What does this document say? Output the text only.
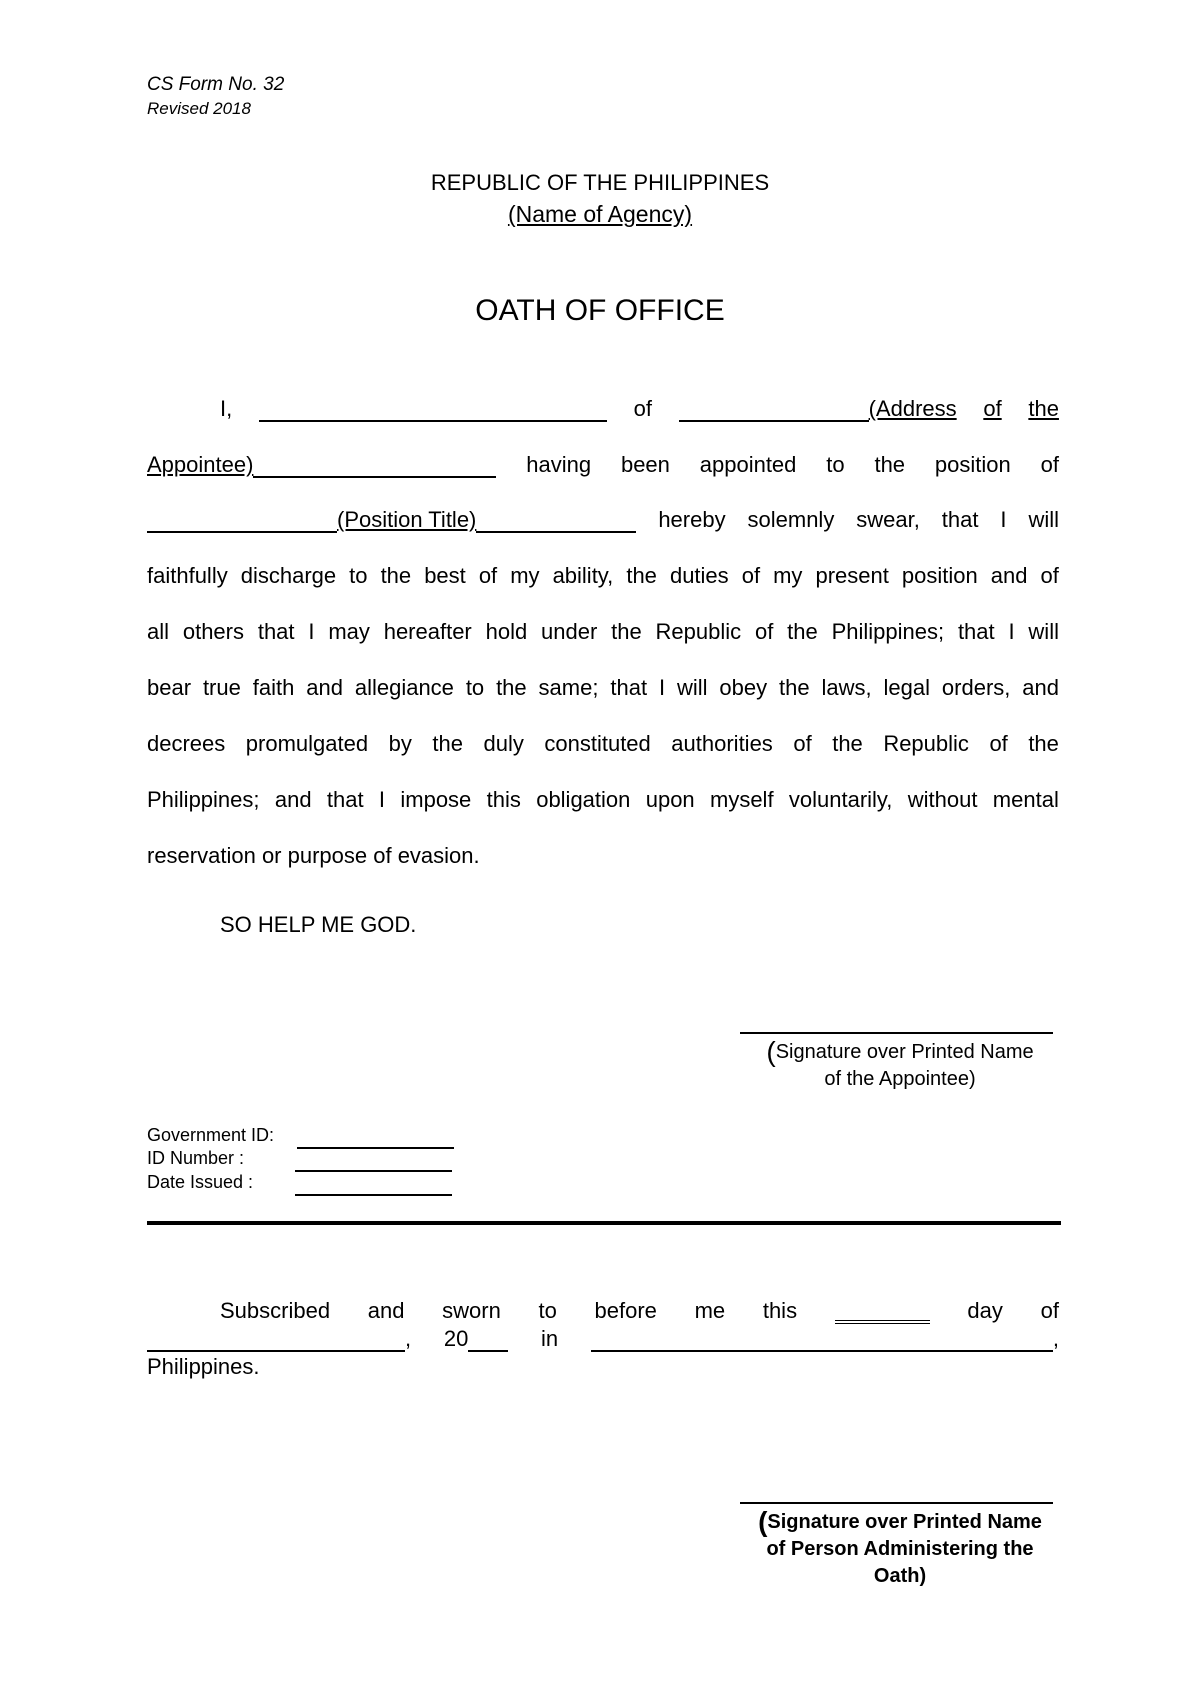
CS Form No. 32
Revised 2018
REPUBLIC OF THE PHILIPPINES
(Name of Agency)
OATH OF OFFICE
I,	of	(Address of the
Appointee)	having been appointed to the position of
(Position Title)	hereby solemnly swear, that I will
faithfully discharge to the best of my ability, the duties of my present position and of
all others that I may hereafter hold under the Republic of the Philippines; that I will
bear true faith and allegiance to the same; that I will obey the laws, legal orders, and
decrees promulgated by the duly constituted authorities of the Republic of the
Philippines; and that I impose this obligation upon myself voluntarily, without mental
reservation or purpose of evasion.
SO HELP ME GOD.
(Signature over Printed Name
of the Appointee)
Government ID:
ID Number :
Date Issued :
Subscribed and sworn to before me this	day of
, 20	in	,
Philippines.
(Signature over Printed Name
of Person Administering the
Oath)
